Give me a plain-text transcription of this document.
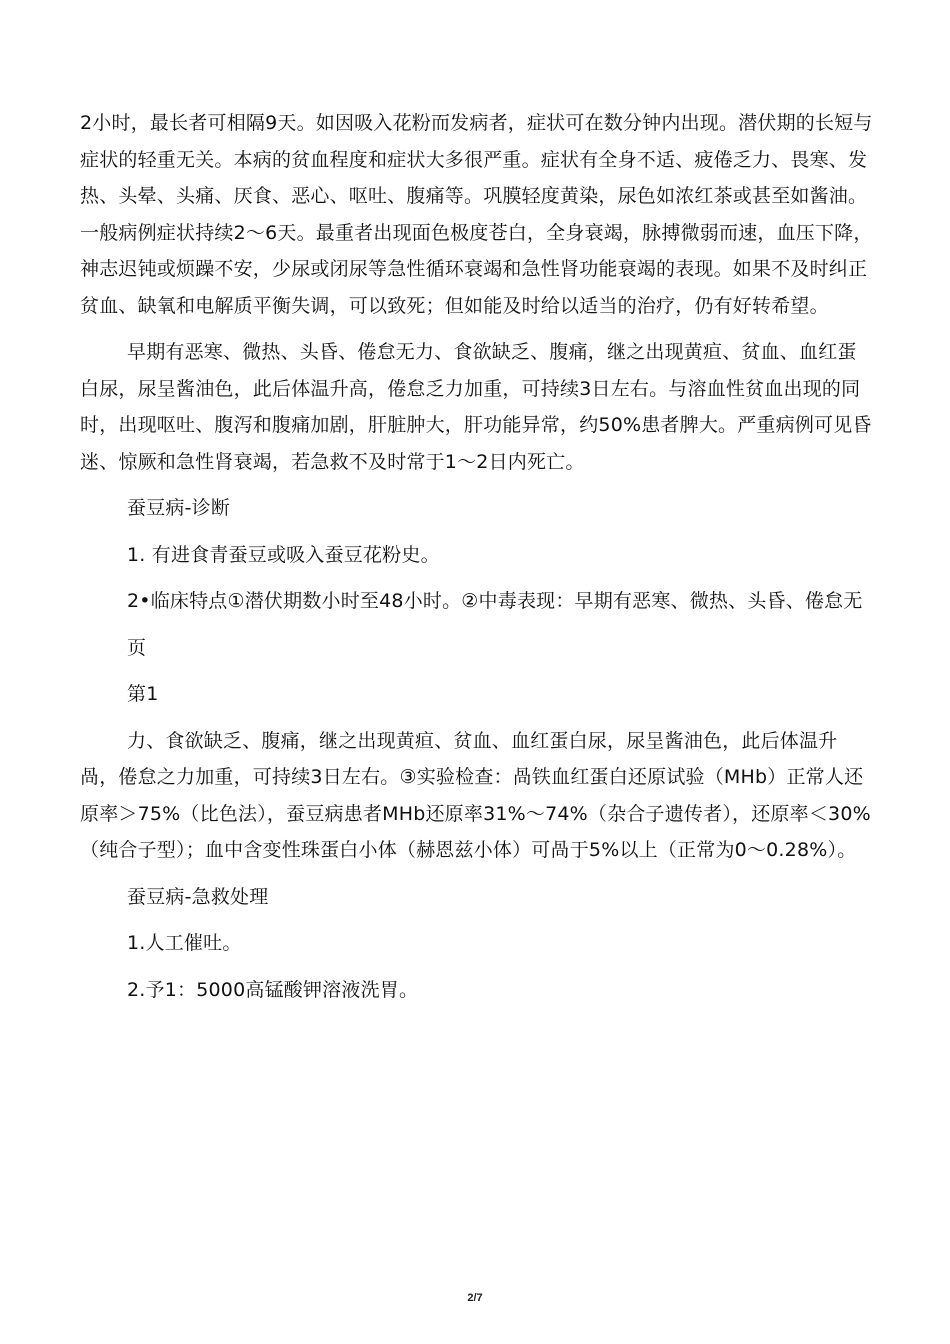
2小时，最长者可相隔9天。如因吸入花粉而发病者，症状可在数分钟内出现。潜伏期的长短与症状的轻重无关。本病的贫血程度和症状大多很严重。症状有全身不适、疲倦乏力、畏寒、发热、头晕、头痛、厌食、恶心、呕吐、腹痛等。巩膜轻度黄染，尿色如浓红茶或甚至如酱油。一般病例症状持续2〜6天。最重者出现面色极度苍白，全身衰竭，脉搏微弱而速，血压下降，神志迟钝或烦躁不安，少尿或闭尿等急性循环衰竭和急性肾功能衰竭的表现。如果不及时纠正贫血、缺氧和电解质平衡失调，可以致死；但如能及时给以适当的治疗，仍有好转希望。

早期有恶寒、微热、头昏、倦怠无力、食欲缺乏、腹痛，继之出现黄疸、贫血、血红蛋白尿，尿呈酱油色，此后体温升高，倦怠乏力加重，可持续3日左右。与溶血性贫血出现的同时，出现呕吐、腹泻和腹痛加剧，肝脏肿大，肝功能异常，约50%患者脾大。严重病例可见昏迷、惊厥和急性肾衰竭，若急救不及时常于1〜2日内死亡。

蚕豆病-诊断

1. 有进食青蚕豆或吸入蚕豆花粉史。

2•临床特点①潜伏期数小时至48小时。②中毒表现：早期有恶寒、微热、头昏、倦怠无

页

第1

力、食欲缺乏、腹痛，继之出现黄疸、贫血、血红蛋白尿，尿呈酱油色，此后体温升咼，倦怠之力加重，可持续3日左右。③实验检查：咼铁血红蛋白还原试验（MHb）正常人还原率＞75%（比色法），蚕豆病患者MHb还原率31%〜74%（杂合子遗传者），还原率＜30%（纯合子型）；血中含变性珠蛋白小体（赫恩兹小体）可咼于5%以上（正常为0〜0.28%）。

蚕豆病-急救处理

1.人工催吐。

2.予1：5000高锰酸钾溶液洗胃。

2/7
